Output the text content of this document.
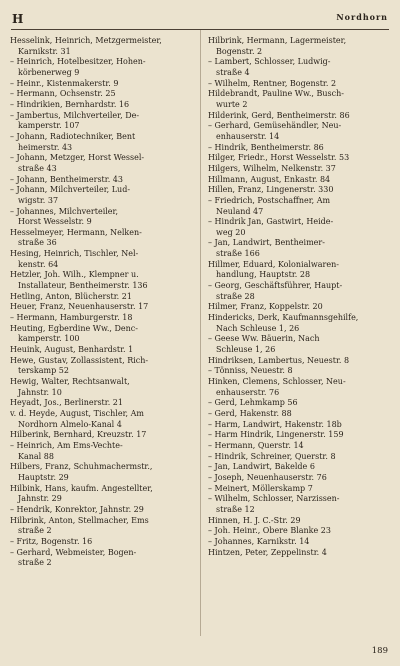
H	Nordhorn
Hesselink, Heinrich, Metzgermeister,
Karnikstr. 31
– Heinrich, Hotelbesitzer, Hohen-
körbenerweg 9
– Heinr., Kistenmakerstr. 9
– Hermann, Ochsenstr. 25
– Hindrikien, Bernhardstr. 16
– Jambertus, Milchverteiler, De-
kamperstr. 107
– Johann, Radiotechniker, Bent
heimerstr. 43
– Johann, Metzger, Horst Wessel-
straße 43
– Johann, Bentheimerstr. 43
– Johann, Milchverteiler, Lud-
wigstr. 37
– Johannes, Milchverteiler,
Horst Wesselstr. 9
Hesselmeyer, Hermann, Nelken-
straße 36
Hesing, Heinrich, Tischler, Nel-
kenstr. 64
Hetzler, Joh. Wilh., Klempner u.
Installateur, Bentheimerstr. 136
Hetling, Anton, Blücherstr. 21
Heuer, Franz, Neuenhauserstr. 17
– Hermann, Hamburgerstr. 18
Heuting, Egberdine Ww., Denc-
kamperstr. 100
Heuink, August, Benhardstr. 1
Hewe, Gustav, Zollassistent, Rich-
terskamp 52
Hewig, Walter, Rechtsanwalt,
Jahnstr. 10
Heyadt, Jos., Berlinerstr. 21
v. d. Heyde, August, Tischler, Am
Nordhorn Almelo-Kanal 4
Hilberink, Bernhard, Kreuzstr. 17
– Heinrich, Am Ems-Vechte-
Kanal 88
Hilbers, Franz, Schuhmachermstr.,
Hauptstr. 29
Hilbink, Hans, kaufm. Angestellter,
Jahnstr. 29
– Hendrik, Konrektor, Jahnstr. 29
Hilbrink, Anton, Stellmacher, Ems
straße 2
– Fritz, Bogenstr. 16
– Gerhard, Webmeister, Bogen-
straße 2
Hilbrink, Hermann, Lagermeister,
Bogenstr. 2
– Lambert, Schlosser, Ludwig-
straße 4
– Wilhelm, Rentner, Bogenstr. 2
Hildebrandt, Pauline Ww., Busch-
wurte 2
Hilderink, Gerd, Bentheimerstr. 86
– Gerhard, Gemüsehändler, Neu-
enhauserstr. 14
– Hindrik, Bentheimerstr. 86
Hilger, Friedr., Horst Wesselstr. 53
Hilgers, Wilhelm, Nelkenstr. 37
Hillmann, August, Enkastr. 84
Hillen, Franz, Lingenerstr. 330
– Friedrich, Postschaffner, Am
Neuland 47
– Hindrik Jan, Gastwirt, Heide-
weg 20
– Jan, Landwirt, Bentheimer-
straße 166
Hillmer, Eduard, Kolonialwaren-
handlung, Hauptstr. 28
– Georg, Geschäftsführer, Haupt-
straße 28
Hilmer, Franz, Koppelstr. 20
Hindericks, Derk, Kaufmannsgehilfe,
Nach Schleuse 1, 26
– Geese Ww. Bäuerin, Nach
Schleuse 1, 26
Hindriksen, Lambertus, Neuestr. 8
– Tönniss, Neuestr. 8
Hinken, Clemens, Schlosser, Neu-
enhauserstr. 76
– Gerd, Lehmkamp 56
– Gerd, Hakenstr. 88
– Harm, Landwirt, Hakenstr. 18b
– Harm Hindrik, Lingenerstr. 159
– Hermann, Querstr. 14
– Hindrik, Schreiner, Querstr. 8
– Jan, Landwirt, Bakelde 6
– Joseph, Neuenhauserstr. 76
– Meinert, Möllerskamp 7
– Wilhelm, Schlosser, Narzissen-
straße 12
Hinnen, H. J. C.-Str. 29
– Joh. Heinr., Obere Blanke 23
– Johannes, Karnikstr. 14
Hintzen, Peter, Zeppelinstr. 4
189
